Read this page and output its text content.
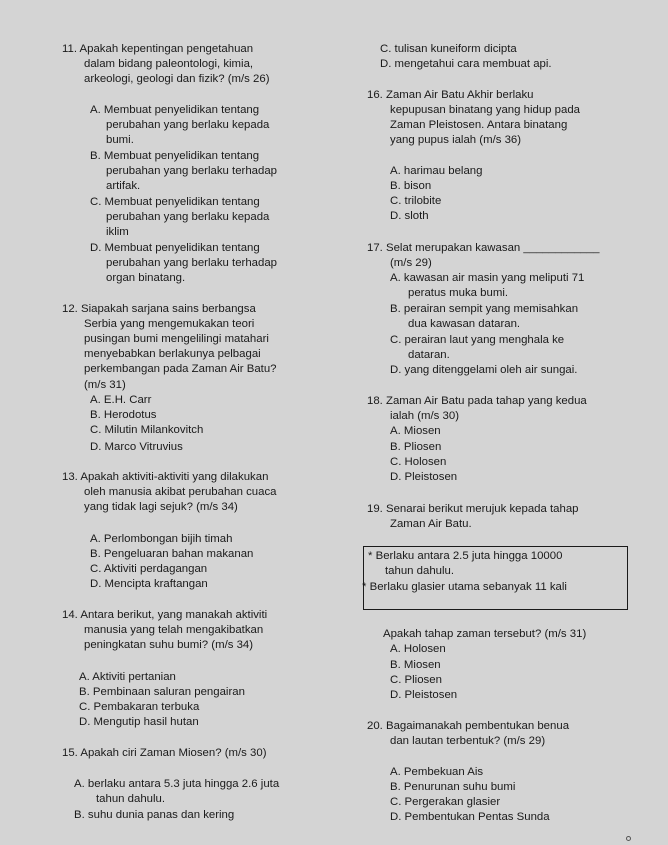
11. Apakah kepentingan pengetahuan
dalam bidang paleontologi, kimia,
arkeologi, geologi dan fizik? (m/s 26)
A. Membuat penyelidikan tentang
perubahan yang berlaku kepada
bumi.
B. Membuat penyelidikan tentang
perubahan yang berlaku terhadap
artifak.
C. Membuat penyelidikan tentang
perubahan yang berlaku kepada
iklim
D. Membuat penyelidikan tentang
perubahan yang berlaku terhadap
organ binatang.
12. Siapakah sarjana sains berbangsa
Serbia yang mengemukakan teori
pusingan bumi mengelilingi matahari
menyebabkan berlakunya pelbagai
perkembangan pada Zaman Air Batu?
(m/s 31)
A. E.H. Carr
B. Herodotus
C. Milutin Milankovitch
D. Marco Vitruvius
13. Apakah aktiviti-aktiviti yang dilakukan
oleh manusia akibat perubahan cuaca
yang tidak lagi sejuk? (m/s 34)
A. Perlombongan bijih timah
B. Pengeluaran bahan makanan
C. Aktiviti perdagangan
D. Mencipta kraftangan
14. Antara berikut, yang manakah aktiviti
manusia yang telah mengakibatkan
peningkatan suhu bumi? (m/s 34)
A. Aktiviti pertanian
B. Pembinaan saluran pengairan
C. Pembakaran terbuka
D. Mengutip hasil hutan
15. Apakah ciri Zaman Miosen? (m/s 30)
A. berlaku antara 5.3 juta hingga 2.6 juta
tahun dahulu.
B. suhu dunia panas dan kering
C. tulisan kuneiform dicipta
D. mengetahui cara membuat api.
16. Zaman Air Batu Akhir berlaku
kepupusan binatang yang hidup pada
Zaman Pleistosen. Antara binatang
yang pupus ialah (m/s 36)
A. harimau belang
B. bison
C. trilobite
D. sloth
17. Selat merupakan kawasan ____________
(m/s 29)
A. kawasan air masin yang meliputi 71
peratus muka bumi.
B. perairan sempit yang memisahkan
dua kawasan dataran.
C. perairan laut yang menghala ke
dataran.
D. yang ditenggelami oleh air sungai.
18. Zaman Air Batu pada tahap yang kedua
ialah (m/s 30)
A. Miosen
B. Pliosen
C. Holosen
D. Pleistosen
19. Senarai berikut merujuk kepada tahap
Zaman Air Batu.
* Berlaku antara 2.5 juta hingga 10000
tahun dahulu.
* Berlaku glasier utama sebanyak 11 kali
Apakah tahap zaman tersebut? (m/s 31)
A. Holosen
B. Miosen
C. Pliosen
D. Pleistosen
20. Bagaimanakah pembentukan benua
dan lautan terbentuk? (m/s 29)
A. Pembekuan Ais
B. Penurunan suhu bumi
C. Pergerakan glasier
D. Pembentukan Pentas Sunda
